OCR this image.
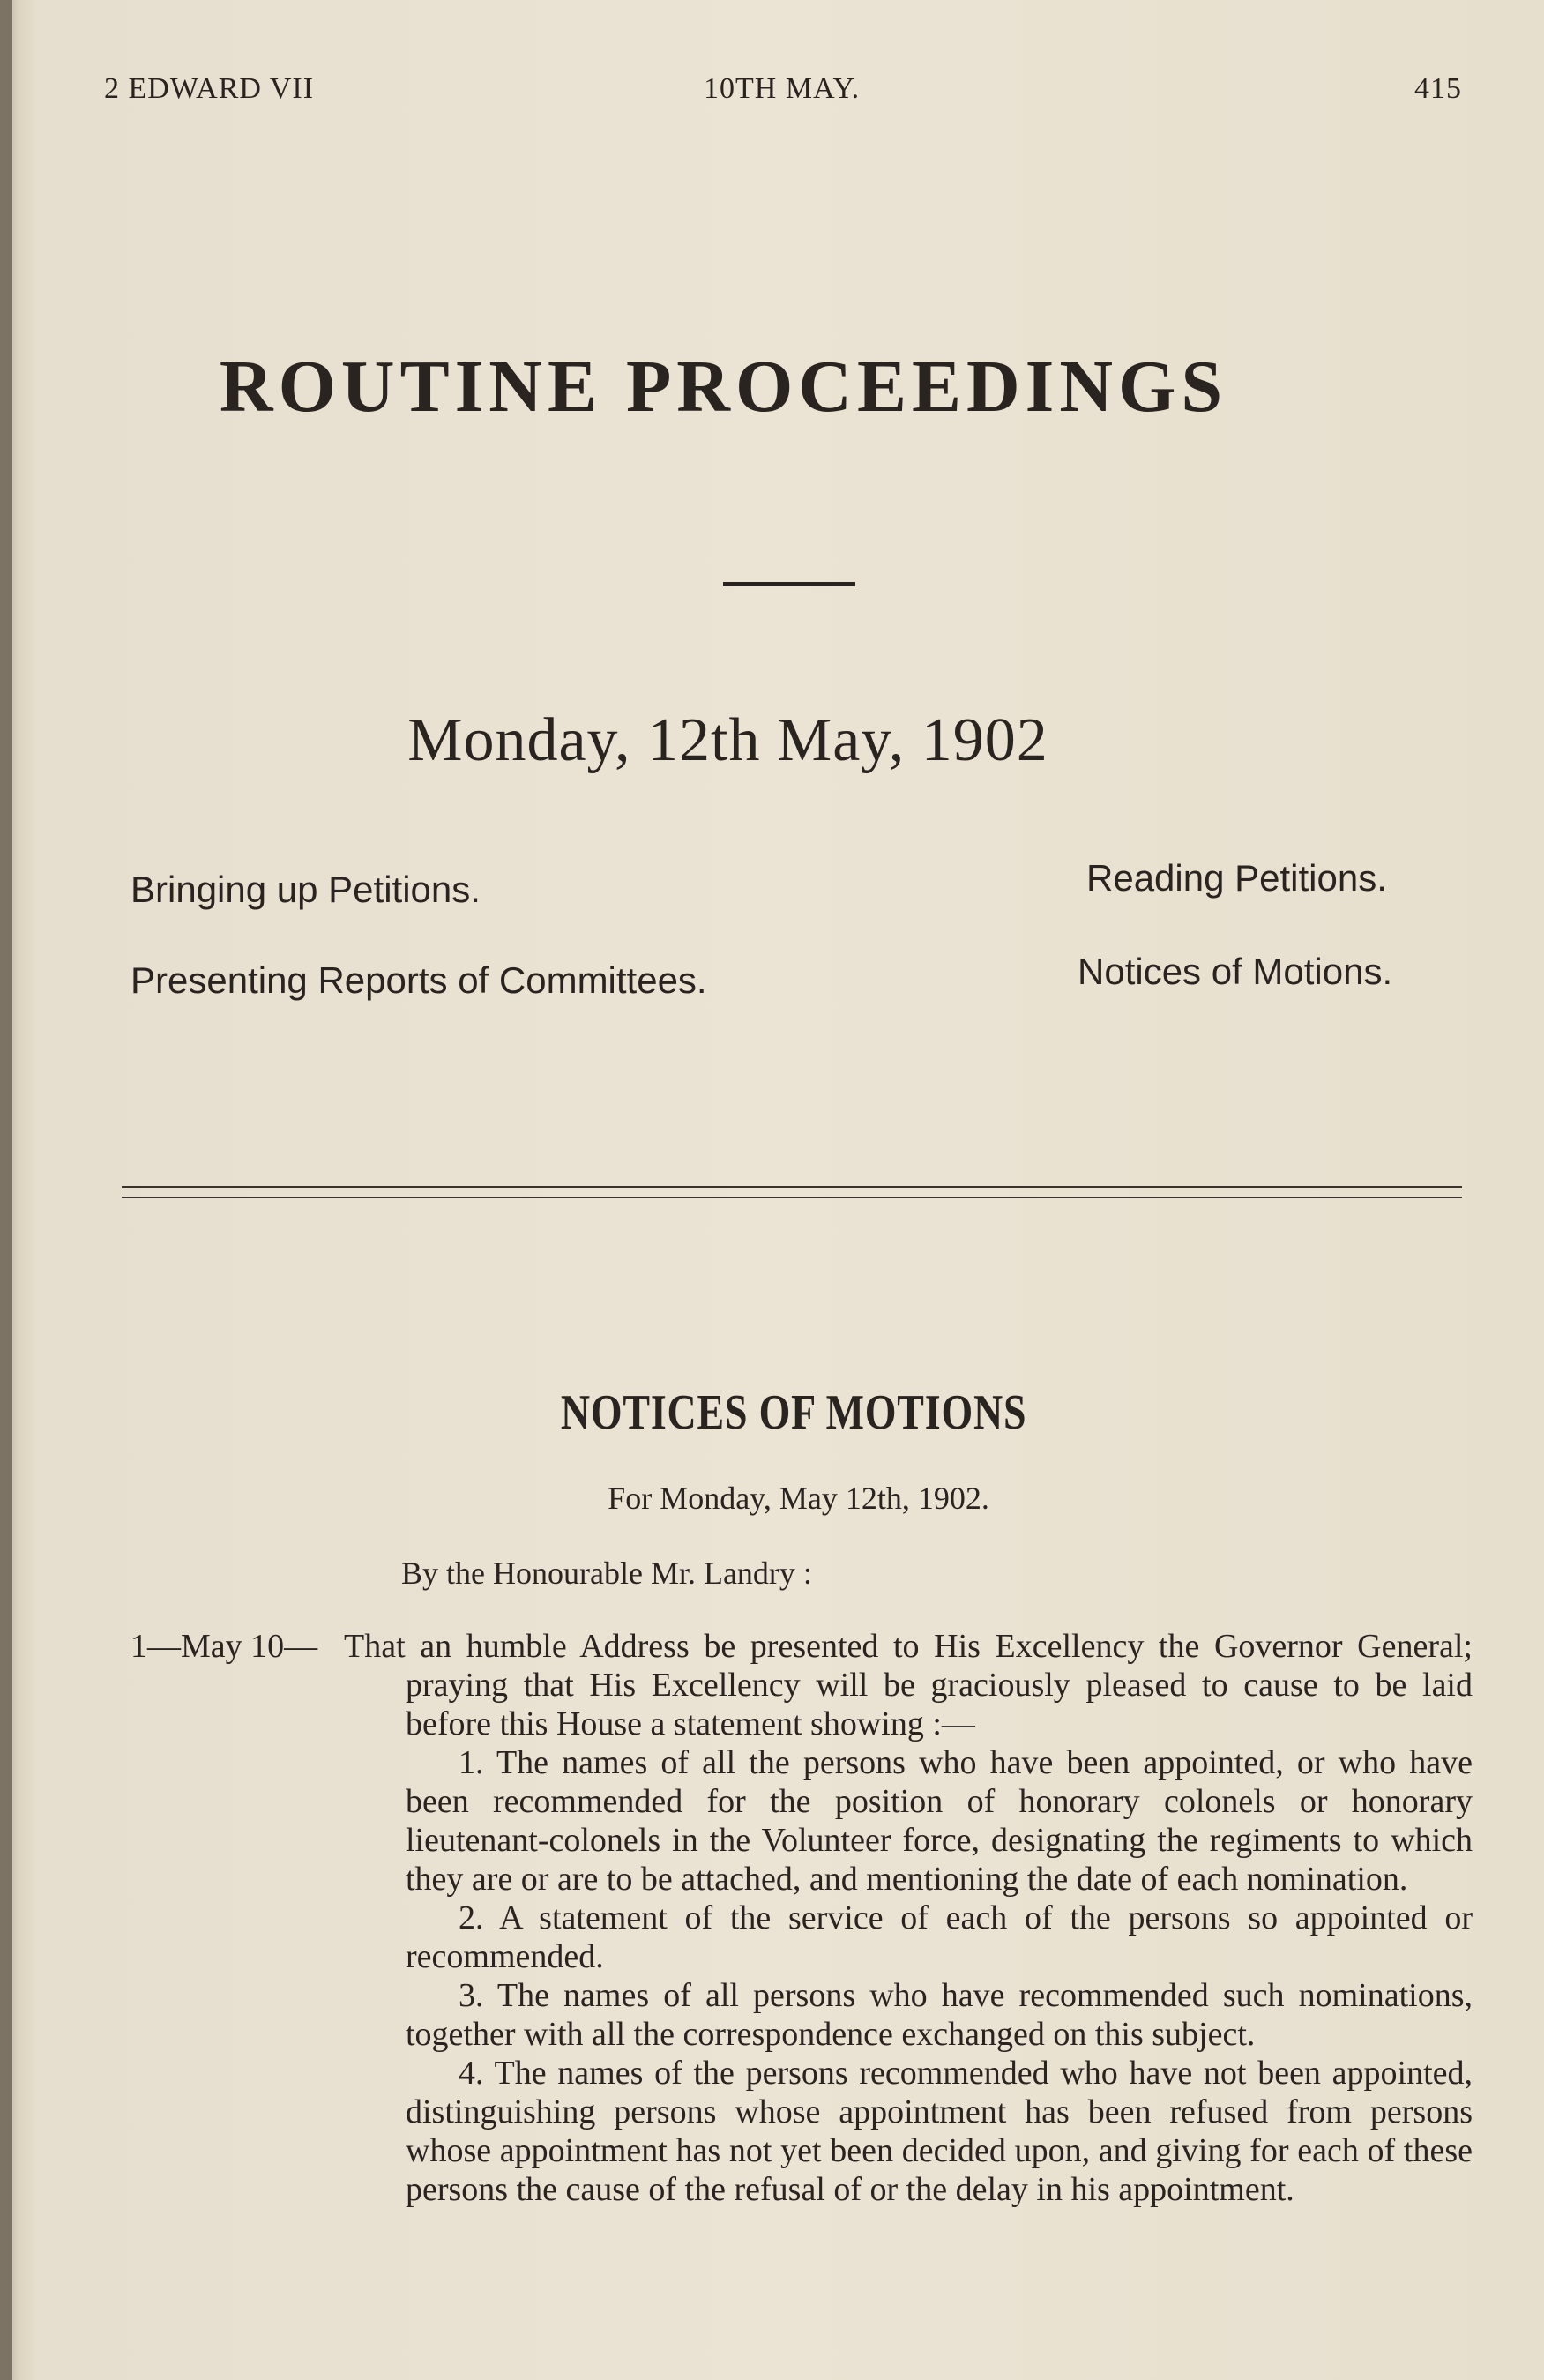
2 EDWARD VII	10TH MAY.	415
ROUTINE PROCEEDINGS
Monday, 12th May, 1902
Bringing up Petitions.	Reading Petitions.
Presenting Reports of Committees.	Notices of Motions.
NOTICES OF MOTIONS
For Monday, May 12th, 1902.
By the Honourable Mr. Landry :
1—May 10— That an humble Address be presented to His Excellency the Governor General; praying that His Excellency will be graciously pleased to cause to be laid before this House a statement showing :—

1. The names of all the persons who have been appointed, or who have been recommended for the position of honorary colonels or honorary lieutenant-colonels in the Volunteer force, designating the regiments to which they are or are to be attached, and mentioning the date of each nomination.

2. A statement of the service of each of the persons so appointed or recommended.

3. The names of all persons who have recommended such nominations, together with all the correspondence exchanged on this subject.

4. The names of the persons recommended who have not been appointed, distinguishing persons whose appointment has been refused from persons whose appointment has not yet been decided upon, and giving for each of these persons the cause of the refusal of or the delay in his appointment.
